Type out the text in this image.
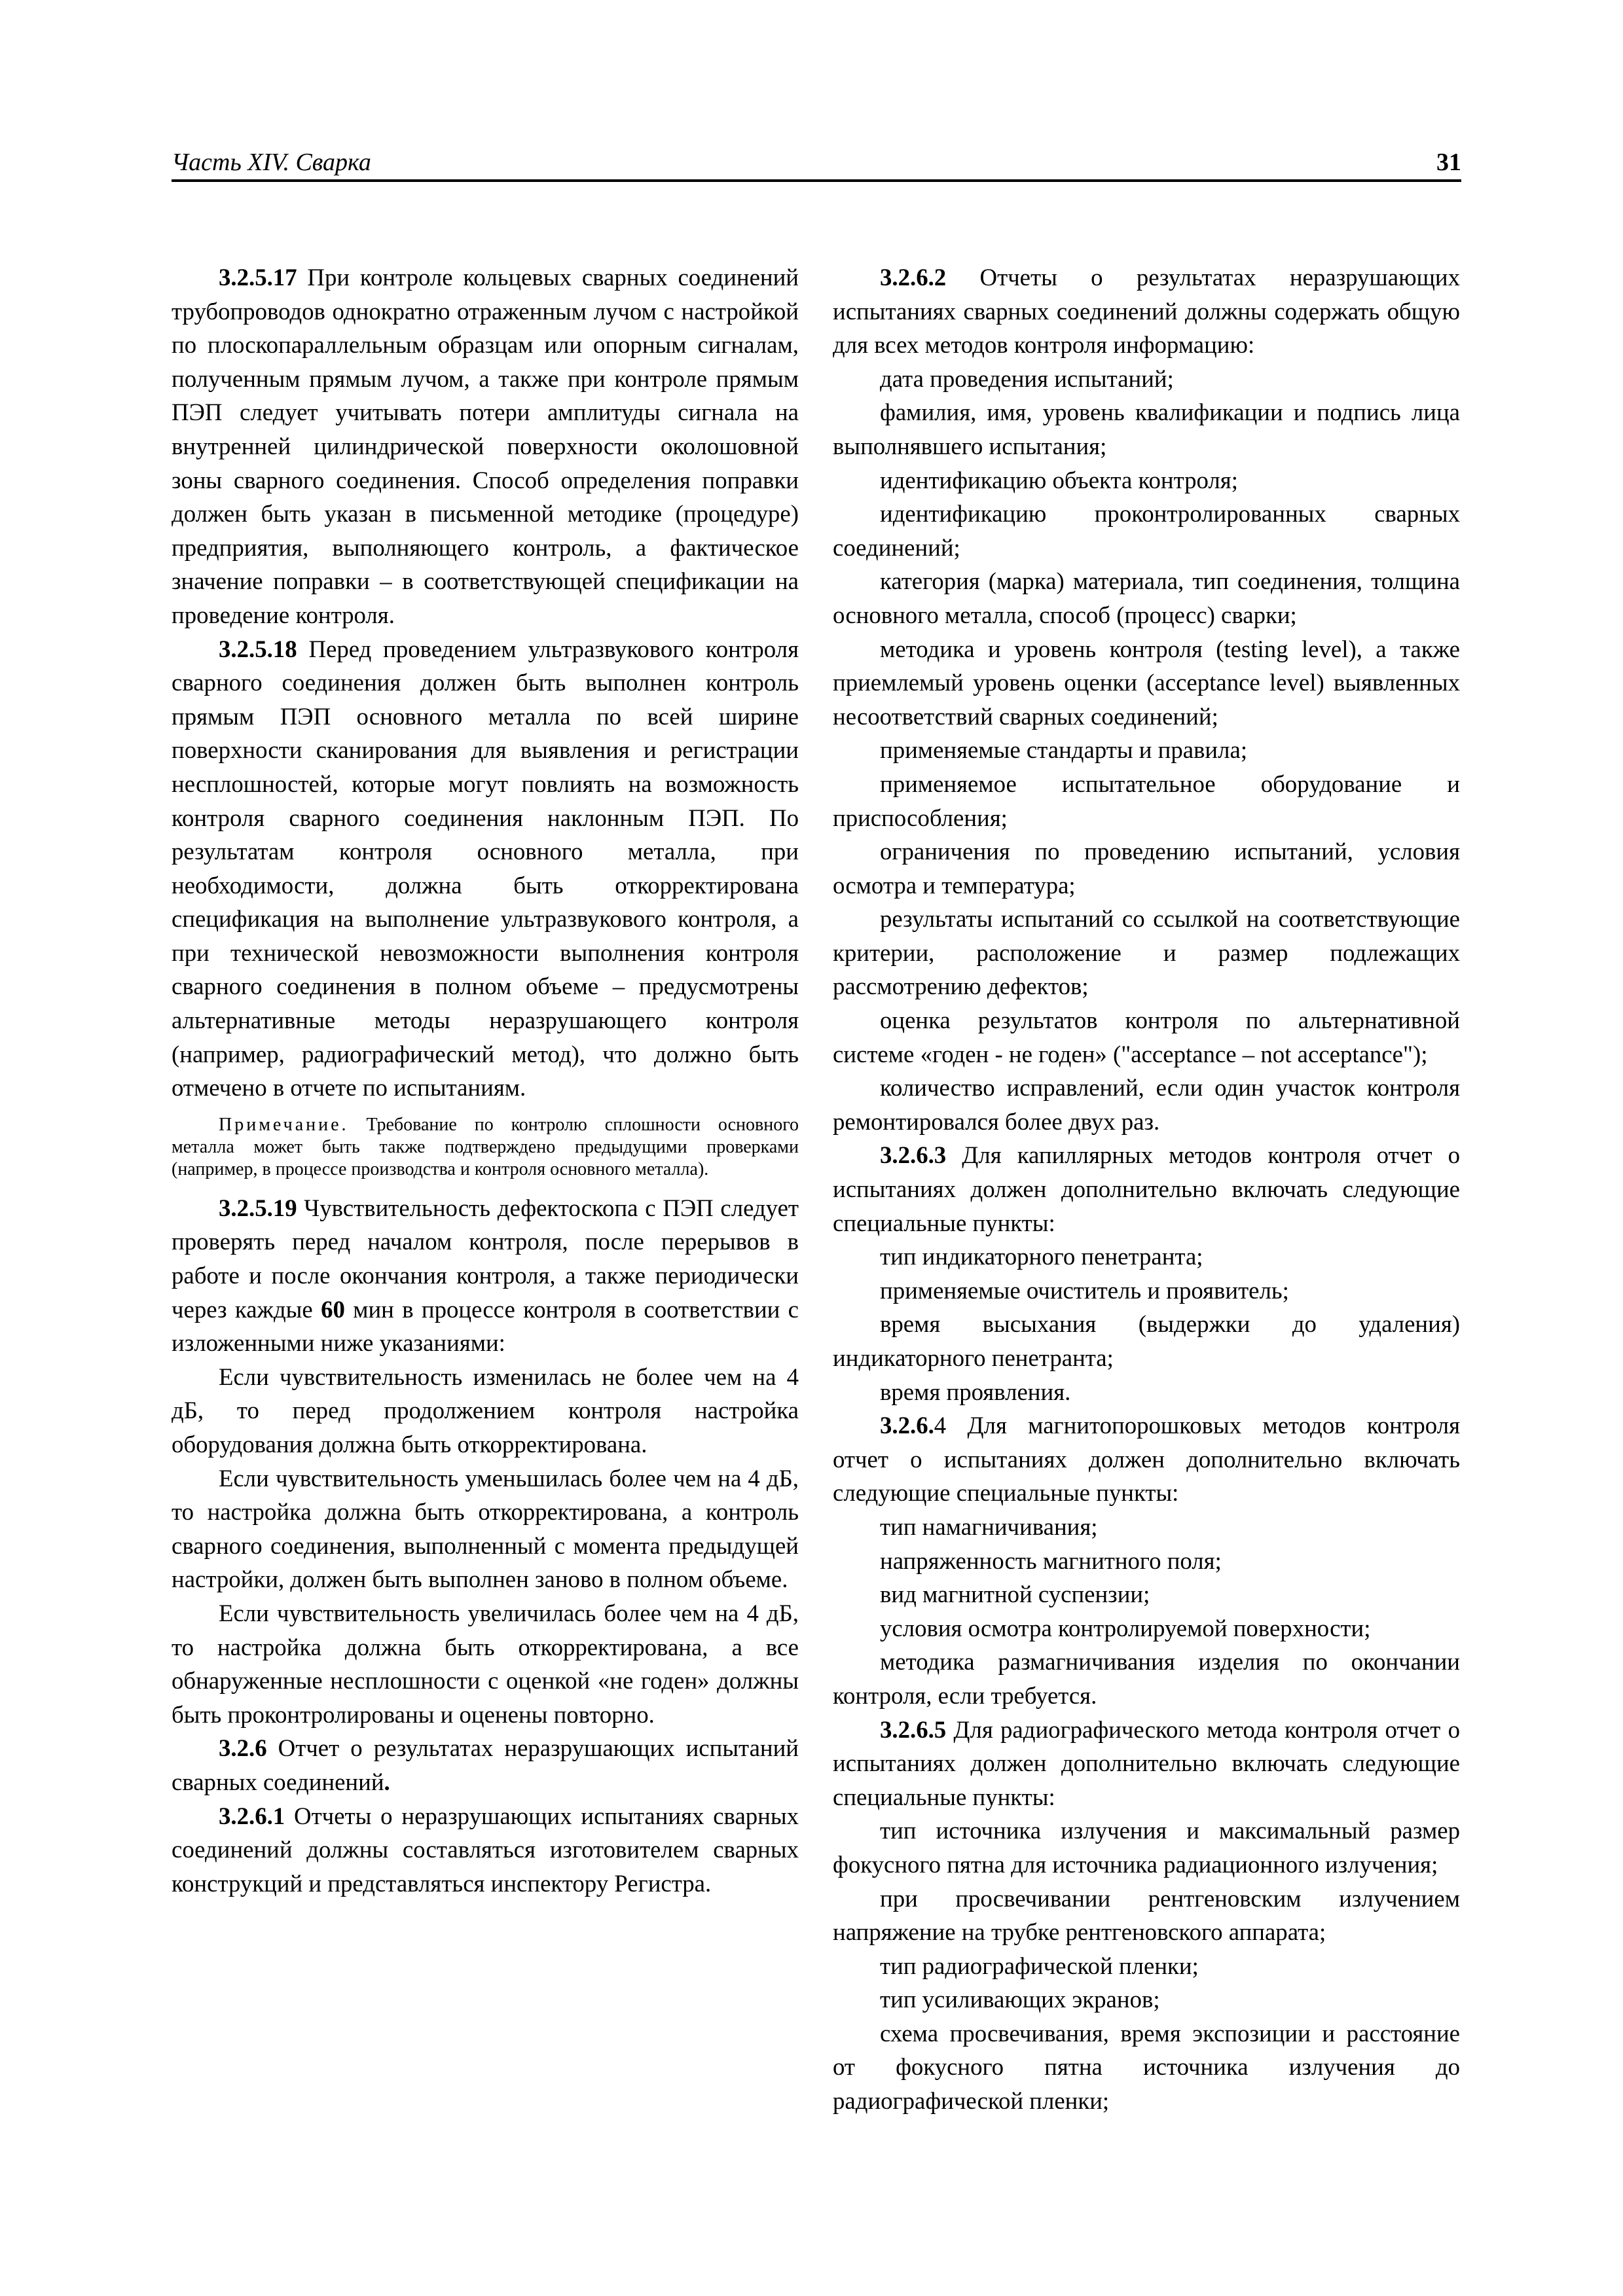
Часть XIV. Сварка	31

3.2.5.17 При контроле кольцевых сварных соединений трубопроводов однократно отраженным лучом с настройкой по плоскопараллельным образцам или опорным сигналам, полученным прямым лучом, а также при контроле прямым ПЭП следует учитывать потери амплитуды сигнала на внутренней цилиндрической поверхности околошовной зоны сварного соединения. Способ определения поправки должен быть указан в письменной методике (процедуре) предприятия, выполняющего контроль, а фактическое значение поправки – в соответствующей спецификации на проведение контроля.

3.2.5.18 Перед проведением ультразвукового контроля сварного соединения должен быть выполнен контроль прямым ПЭП основного металла по всей ширине поверхности сканирования для выявления и регистрации несплошностей, которые могут повлиять на возможность контроля сварного соединения наклонным ПЭП. По результатам контроля основного металла, при необходимости, должна быть откорректирована спецификация на выполнение ультразвукового контроля, а при технической невозможности выполнения контроля сварного соединения в полном объеме – предусмотрены альтернативные методы неразрушающего контроля (например, радиографический метод), что должно быть отмечено в отчете по испытаниям.

Примечание. Требование по контролю сплошности основного металла может быть также подтверждено предыдущими проверками (например, в процессе производства и контроля основного металла).

3.2.5.19 Чувствительность дефектоскопа с ПЭП следует проверять перед началом контроля, после перерывов в работе и после окончания контроля, а также периодически через каждые 60 мин в процессе контроля в соответствии с изложенными ниже указаниями:

Если чувствительность изменилась не более чем на 4 дБ, то перед продолжением контроля настройка оборудования должна быть откорректирована.

Если чувствительность уменьшилась более чем на 4 дБ, то настройка должна быть откорректирована, а контроль сварного соединения, выполненный с момента предыдущей настройки, должен быть выполнен заново в полном объеме.

Если чувствительность увеличилась более чем на 4 дБ, то настройка должна быть откорректирована, а все обнаруженные несплошности с оценкой «не годен» должны быть проконтролированы и оценены повторно.

3.2.6 Отчет о результатах неразрушающих испытаний сварных соединений.

3.2.6.1 Отчеты о неразрушающих испытаниях сварных соединений должны составляться изготовителем сварных конструкций и представляться инспектору Регистра.

3.2.6.2 Отчеты о результатах неразрушающих испытаниях сварных соединений должны содержать общую для всех методов контроля информацию:

дата проведения испытаний;

фамилия, имя, уровень квалификации и подпись лица выполнявшего испытания;

идентификацию объекта контроля;

идентификацию проконтролированных сварных соединений;

категория (марка) материала, тип соединения, толщина основного металла, способ (процесс) сварки;

методика и уровень контроля (testing level), а также приемлемый уровень оценки (acceptance level) выявленных несоответствий сварных соединений;

применяемые стандарты и правила;

применяемое испытательное оборудование и приспособления;

ограничения по проведению испытаний, условия осмотра и температура;

результаты испытаний со ссылкой на соответствующие критерии, расположение и размер подлежащих рассмотрению дефектов;

оценка результатов контроля по альтернативной системе «годен - не годен» ("acceptance – not acceptance");

количество исправлений, если один участок контроля ремонтировался более двух раз.

3.2.6.3 Для капиллярных методов контроля отчет о испытаниях должен дополнительно включать следующие специальные пункты:

тип индикаторного пенетранта;

применяемые очиститель и проявитель;

время высыхания (выдержки до удаления) индикаторного пенетранта;

время проявления.

3.2.6.4 Для магнитопорошковых методов контроля отчет о испытаниях должен дополнительно включать следующие специальные пункты:

тип намагничивания;

напряженность магнитного поля;

вид магнитной суспензии;

условия осмотра контролируемой поверхности;

методика размагничивания изделия по окончании контроля, если требуется.

3.2.6.5 Для радиографического метода контроля отчет о испытаниях должен дополнительно включать следующие специальные пункты:

тип источника излучения и максимальный размер фокусного пятна для источника радиационного излучения;

при просвечивании рентгеновским излучением напряжение на трубке рентгеновского аппарата;

тип радиографической пленки;

тип усиливающих экранов;

схема просвечивания, время экспозиции и расстояние от фокусного пятна источника излучения до радиографической пленки;
